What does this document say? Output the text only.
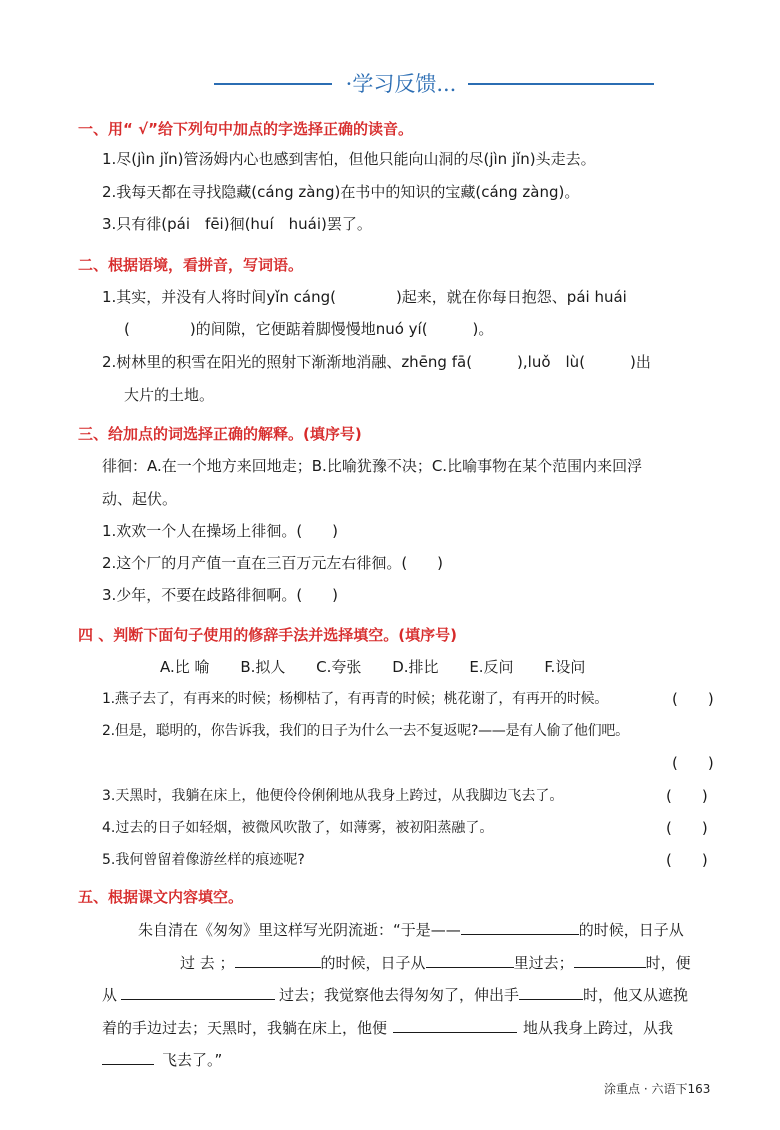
·学习反馈...
一、用“ √”给下列句中加点的字选择正确的读音。
1.尽(jìn jǐn)管汤姆内心也感到害怕，但他只能向山洞的尽(jìn jǐn)头走去。
2.我每天都在寻找隐藏(cáng zàng)在书中的知识的宝藏(cáng zàng)。
3.只有徘(pái　fēi)徊(huí　huái)罢了。
二、根据语境，看拼音，写词语。
1.其实，并没有人将时间yǐn cáng(　　　　)起来，就在你每日抱怨、pái huái
(　　　　)的间隙，它便踮着脚慢慢地nuó yí(　　　)。
2.树林里的积雪在阳光的照射下渐渐地消融、zhēng fā(　　　),luǒ　lù(　　　)出
大片的土地。
三、给加点的词选择正确的解释。(填序号)
徘徊：A.在一个地方来回地走；B.比喻犹豫不决；C.比喻事物在某个范围内来回浮
动、起伏。
1.欢欢一个人在操场上徘徊。(　　)
2.这个厂的月产值一直在三百万元左右徘徊。(　　)
3.少年，不要在歧路徘徊啊。(　　)
四 、判断下面句子使用的修辞手法并选择填空。(填序号)
A.比 喻 B.拟人 C.夸张 D.排比 E.反问 F.设问
1.燕子去了，有再来的时候；杨柳枯了，有再青的时候；桃花谢了，有再开的时候。	(　　)
2.但是，聪明的，你告诉我，我们的日子为什么一去不复返呢?——是有人偷了他们吧。
(　　)
3.天黑时，我躺在床上，他便伶伶俐俐地从我身上跨过，从我脚边飞去了。	(　　)
4.过去的日子如轻烟，被微风吹散了，如薄雾，被初阳蒸融了。	(　　)
5.我何曾留着像游丝样的痕迹呢?	(　　)
五、根据课文内容填空。
朱自清在《匆匆》里这样写光阴流逝：“于是——	的时候，日子从
过 去 ；	的时候，日子从	里过去；	时，便
从	过去；我觉察他去得匆匆了，伸出手	时，他又从遮挽
着的手边过去；天黑时，我躺在床上，他便	地从我身上跨过，从我
飞去了。”
涂重点 · 六语下163
